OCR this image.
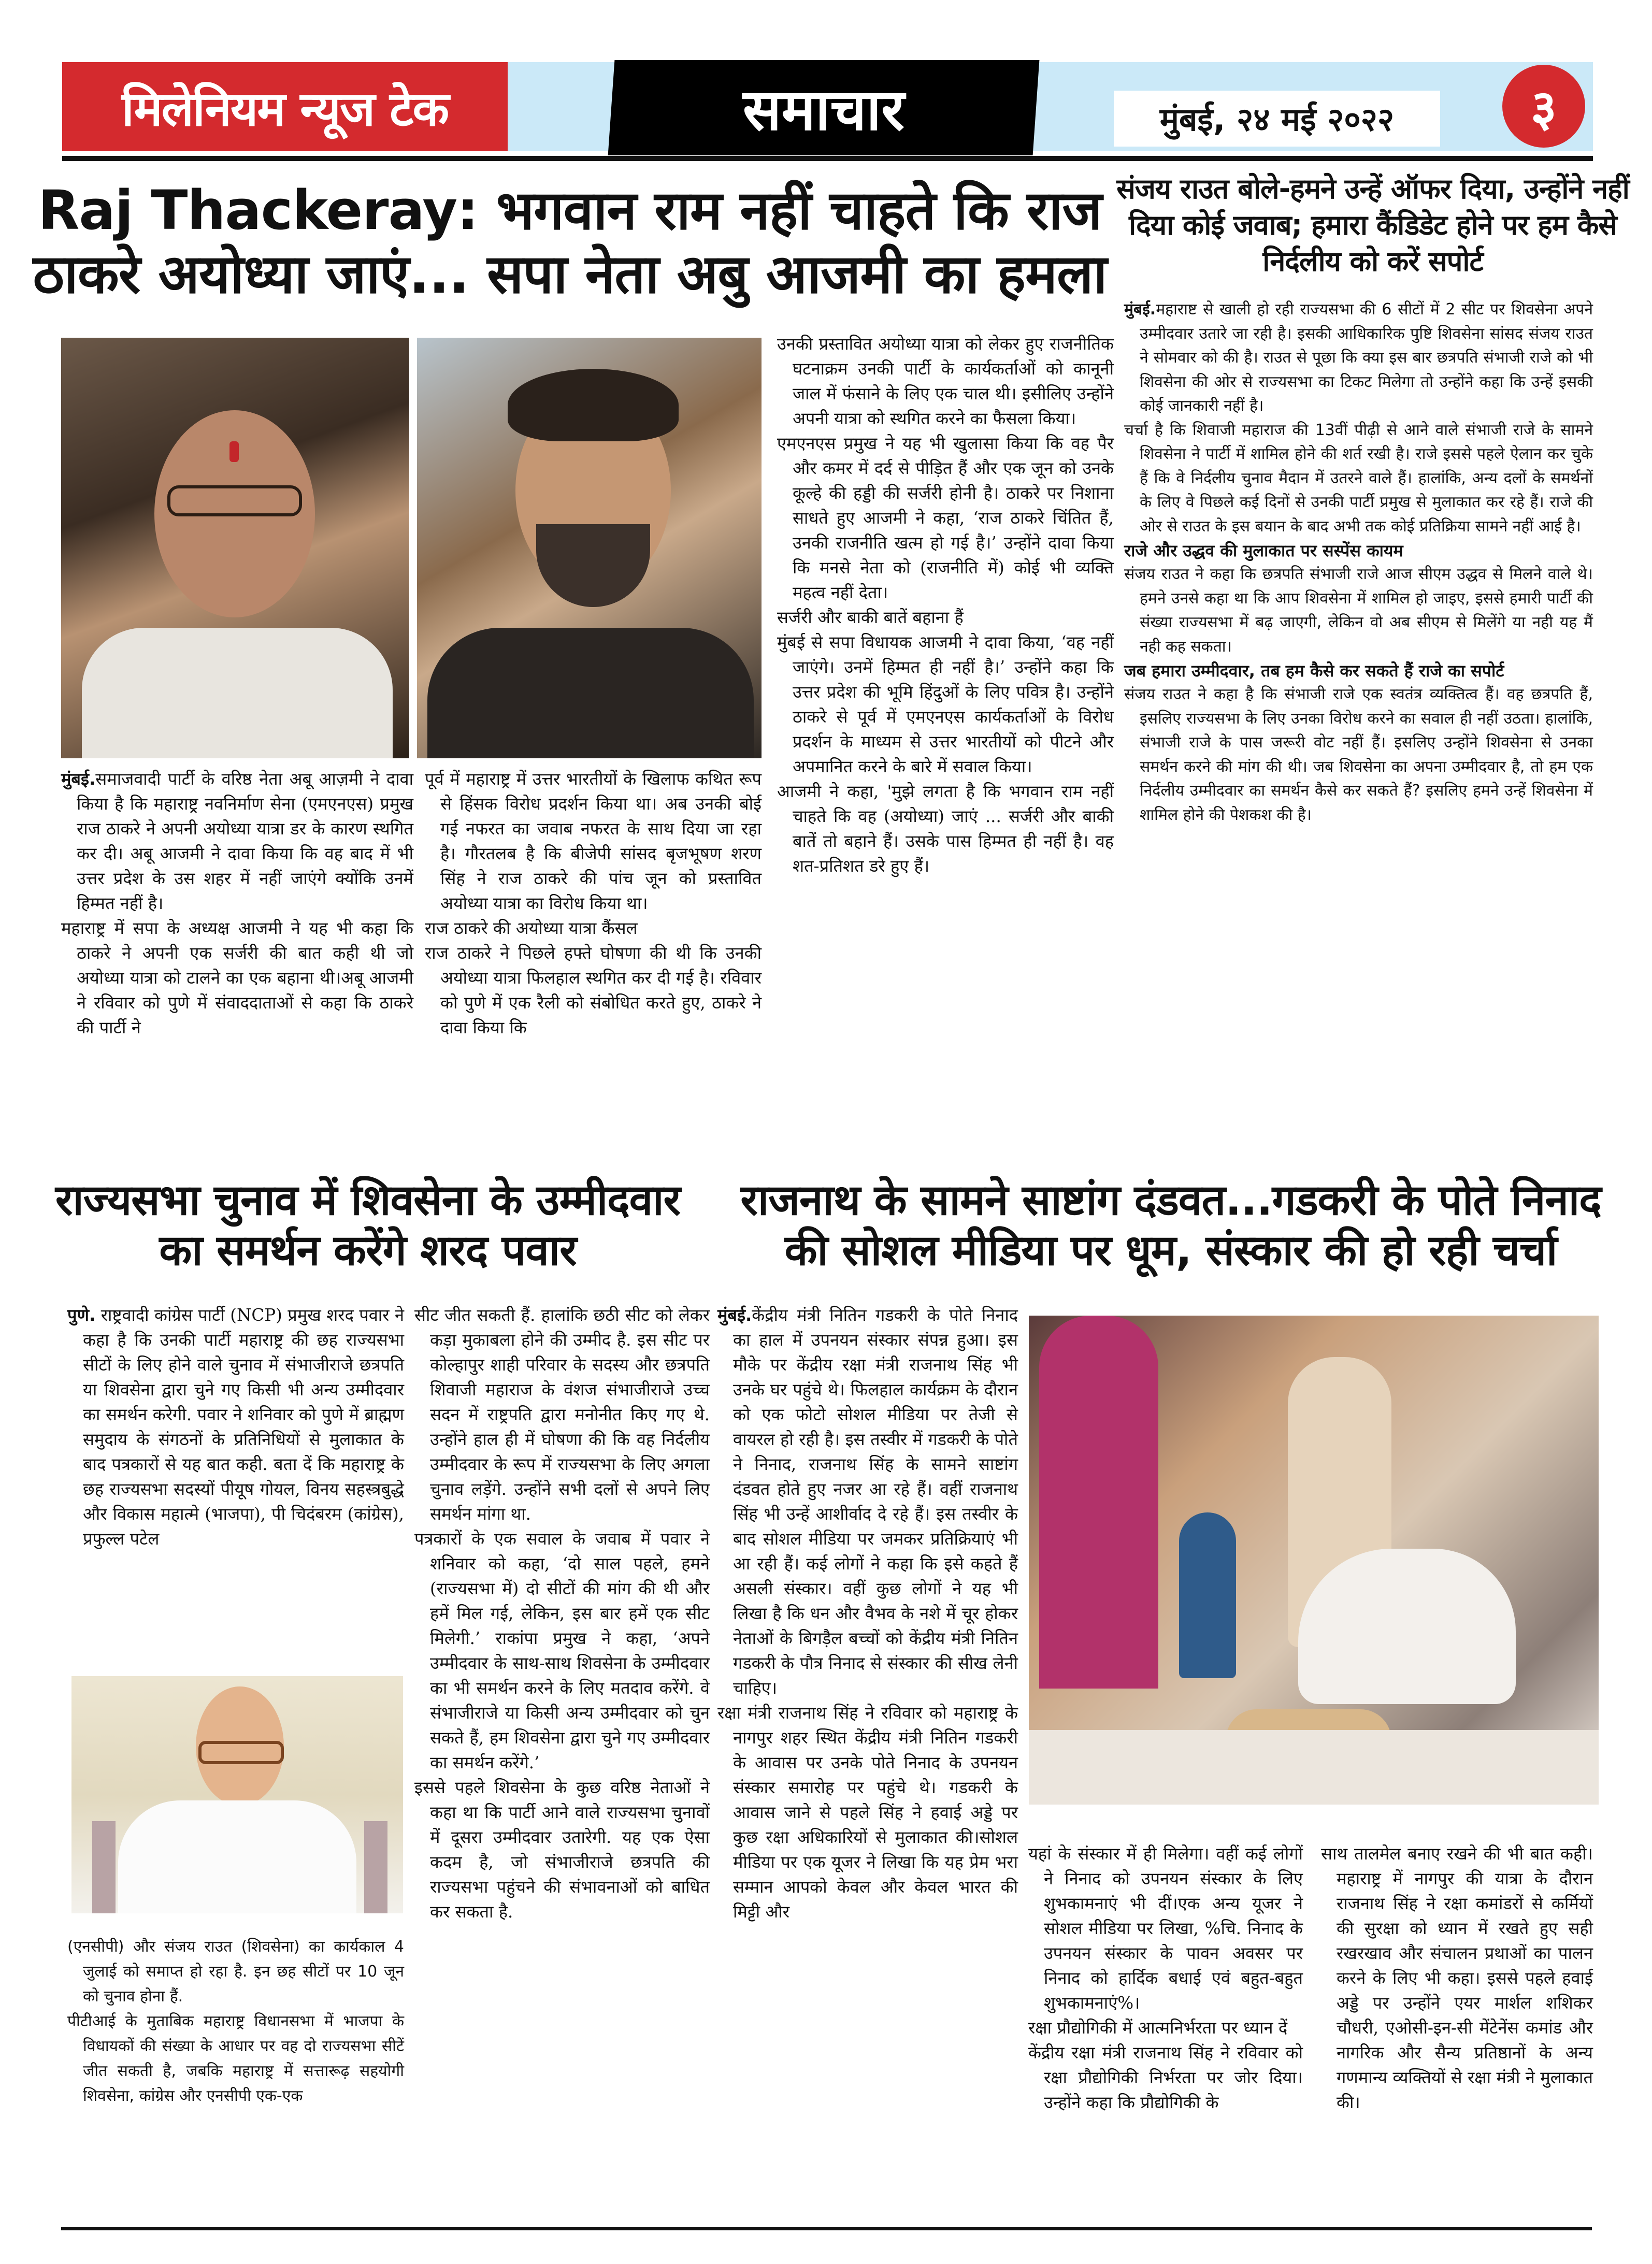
मिलेनियम न्यूज टेक	समाचार	मुंबई, २४ मई २०२२	३
Raj Thackeray: भगवान राम नहीं चाहते कि राज ठाकरे अयोध्या जाएं... सपा नेता अबु आजमी का हमला

मुंबई.समाजवादी पार्टी के वरिष्ठ नेता अबू आज़मी ने दावा किया है कि महाराष्ट्र नवनिर्माण सेना (एमएनएस) प्रमुख राज ठाकरे ने अपनी अयोध्या यात्रा डर के कारण स्थगित कर दी। अबू आजमी ने दावा किया कि वह बाद में भी उत्तर प्रदेश के उस शहर में नहीं जाएंगे क्योंकि उनमें हिम्मत नहीं है।

महाराष्ट्र में सपा के अध्यक्ष आजमी ने यह भी कहा कि ठाकरे ने अपनी एक सर्जरी की बात कही थी जो अयोध्या यात्रा को टालने का एक बहाना थी।अबू आजमी ने रविवार को पुणे में संवाददाताओं से कहा कि ठाकरे की पार्टी ने

पूर्व में महाराष्ट्र में उत्तर भारतीयों के खिलाफ कथित रूप से हिंसक विरोध प्रदर्शन किया था। अब उनकी बोई गई नफरत का जवाब नफरत के साथ दिया जा रहा है। गौरतलब है कि बीजेपी सांसद बृजभूषण शरण सिंह ने राज ठाकरे की पांच जून को प्रस्तावित अयोध्या यात्रा का विरोध किया था।

राज ठाकरे की अयोध्या यात्रा कैंसल

राज ठाकरे ने पिछले हफ्ते घोषणा की थी कि उनकी अयोध्या यात्रा फिलहाल स्थगित कर दी गई है। रविवार को पुणे में एक रैली को संबोधित करते हुए, ठाकरे ने दावा किया कि

उनकी प्रस्तावित अयोध्या यात्रा को लेकर हुए राजनीतिक घटनाक्रम उनकी पार्टी के कार्यकर्ताओं को कानूनी जाल में फंसाने के लिए एक चाल थी। इसीलिए उन्होंने अपनी यात्रा को स्थगित करने का फैसला किया।

एमएनएस प्रमुख ने यह भी खुलासा किया कि वह पैर और कमर में दर्द से पीड़ित हैं और एक जून को उनके कूल्हे की हड्डी की सर्जरी होनी है। ठाकरे पर निशाना साधते हुए आजमी ने कहा, ‘राज ठाकरे चिंतित हैं, उनकी राजनीति खत्म हो गई है।’ उन्होंने दावा किया कि मनसे नेता को (राजनीति में) कोई भी व्यक्ति महत्व नहीं देता।

सर्जरी और बाकी बातें बहाना हैं

मुंबई से सपा विधायक आजमी ने दावा किया, ‘वह नहीं जाएंगे। उनमें हिम्मत ही नहीं है।’ उन्होंने कहा कि उत्तर प्रदेश की भूमि हिंदुओं के लिए पवित्र है। उन्होंने ठाकरे से पूर्व में एमएनएस कार्यकर्ताओं के विरोध प्रदर्शन के माध्यम से उत्तर भारतीयों को पीटने और अपमानित करने के बारे में सवाल किया।

आजमी ने कहा, 'मुझे लगता है कि भगवान राम नहीं चाहते कि वह (अयोध्या) जाएं ... सर्जरी और बाकी बातें तो बहाने हैं। उसके पास हिम्मत ही नहीं है। वह शत-प्रतिशत डरे हुए हैं।

संजय राउत बोले-हमने उन्हें ऑफर दिया, उन्होंने नहीं दिया कोई जवाब; हमारा कैंडिडेट होने पर हम कैसे निर्दलीय को करें सपोर्ट

मुंबई.महाराष्ट से खाली हो रही राज्यसभा की 6 सीटों में 2 सीट पर शिवसेना अपने उम्मीदवार उतारे जा रही है। इसकी आधिकारिक पुष्टि शिवसेना सांसद संजय राउत ने सोमवार को की है। राउत से पूछा कि क्या इस बार छत्रपति संभाजी राजे को भी शिवसेना की ओर से राज्यसभा का टिकट मिलेगा तो उन्होंने कहा कि उन्हें इसकी कोई जानकारी नहीं है।

चर्चा है कि शिवाजी महाराज की 13वीं पीढ़ी से आने वाले संभाजी राजे के सामने शिवसेना ने पार्टी में शामिल होने की शर्त रखी है। राजे इससे पहले ऐलान कर चुके हैं कि वे निर्दलीय चुनाव मैदान में उतरने वाले हैं। हालांकि, अन्य दलों के समर्थनों के लिए वे पिछले कई दिनों से उनकी पार्टी प्रमुख से मुलाकात कर रहे हैं। राजे की ओर से राउत के इस बयान के बाद अभी तक कोई प्रतिक्रिया सामने नहीं आई है।

राजे और उद्धव की मुलाकात पर सस्पेंस कायम

संजय राउत ने कहा कि छत्रपति संभाजी राजे आज सीएम उद्धव से मिलने वाले थे। हमने उनसे कहा था कि आप शिवसेना में शामिल हो जाइए, इससे हमारी पार्टी की संख्या राज्यसभा में बढ़ जाएगी, लेकिन वो अब सीएम से मिलेंगे या नही यह मैं नही कह सकता।

जब हमारा उम्मीदवार, तब हम कैसे कर सकते हैं राजे का सपोर्ट

संजय राउत ने कहा है कि संभाजी राजे एक स्वतंत्र व्यक्तित्व हैं। वह छत्रपति हैं, इसलिए राज्यसभा के लिए उनका विरोध करने का सवाल ही नहीं उठता। हालांकि, संभाजी राजे के पास जरूरी वोट नहीं हैं। इसलिए उन्होंने शिवसेना से उनका समर्थन करने की मांग की थी। जब शिवसेना का अपना उम्मीदवार है, तो हम एक निर्दलीय उम्मीदवार का समर्थन कैसे कर सकते हैं? इसलिए हमने उन्हें शिवसेना में शामिल होने की पेशकश की है।

राज्यसभा चुनाव में शिवसेना के उम्मीदवार का समर्थन करेंगे शरद पवार

पुणे. राष्ट्रवादी कांग्रेस पार्टी (NCP) प्रमुख शरद पवार ने कहा है कि उनकी पार्टी महाराष्ट्र की छह राज्यसभा सीटों के लिए होने वाले चुनाव में संभाजीराजे छत्रपति या शिवसेना द्वारा चुने गए किसी भी अन्य उम्मीदवार का समर्थन करेगी. पवार ने शनिवार को पुणे में ब्राह्मण समुदाय के संगठनों के प्रतिनिधियों से मुलाकात के बाद पत्रकारों से यह बात कही. बता दें कि महाराष्ट्र के छह राज्यसभा सदस्यों पीयूष गोयल, विनय सहस्त्रबुद्धे और विकास महात्मे (भाजपा), पी चिदंबरम (कांग्रेस), प्रफुल्ल पटेल

(एनसीपी) और संजय राउत (शिवसेना) का कार्यकाल 4 जुलाई को समाप्त हो रहा है. इन छह सीटों पर 10 जून को चुनाव होना हैं.

पीटीआई के मुताबिक महाराष्ट्र विधानसभा में भाजपा के विधायकों की संख्या के आधार पर वह दो राज्यसभा सीटें जीत सकती है, जबकि महाराष्ट्र में सत्तारूढ़ सहयोगी शिवसेना, कांग्रेस और एनसीपी एक-एक

सीट जीत सकती हैं. हालांकि छठी सीट को लेकर कड़ा मुकाबला होने की उम्मीद है. इस सीट पर कोल्हापुर शाही परिवार के सदस्य और छत्रपति शिवाजी महाराज के वंशज संभाजीराजे उच्च सदन में राष्ट्रपति द्वारा मनोनीत किए गए थे. उन्होंने हाल ही में घोषणा की कि वह निर्दलीय उम्मीदवार के रूप में राज्यसभा के लिए अगला चुनाव लड़ेंगे. उन्होंने सभी दलों से अपने लिए समर्थन मांगा था.

पत्रकारों के एक सवाल के जवाब में पवार ने शनिवार को कहा, ‘दो साल पहले, हमने (राज्यसभा में) दो सीटों की मांग की थी और हमें मिल गई, लेकिन, इस बार हमें एक सीट मिलेगी.’ राकांपा प्रमुख ने कहा, ‘अपने उम्मीदवार के साथ-साथ शिवसेना के उम्मीदवार का भी समर्थन करने के लिए मतदाव करेंगे. वे संभाजीराजे या किसी अन्य उम्मीदवार को चुन सकते हैं, हम शिवसेना द्वारा चुने गए उम्मीदवार का समर्थन करेंगे.’

इससे पहले शिवसेना के कुछ वरिष्ठ नेताओं ने कहा था कि पार्टी आने वाले राज्यसभा चुनावों में दूसरा उम्मीदवार उतारेगी. यह एक ऐसा कदम है, जो संभाजीराजे छत्रपति की राज्यसभा पहुंचने की संभावनाओं को बाधित कर सकता है.

राजनाथ के सामने साष्टांग दंडवत...गडकरी के पोते निनाद की सोशल मीडिया पर धूम, संस्कार की हो रही चर्चा

मुंबई.केंद्रीय मंत्री नितिन गडकरी के पोते निनाद का हाल में उपनयन संस्कार संपन्न हुआ। इस मौके पर केंद्रीय रक्षा मंत्री राजनाथ सिंह भी उनके घर पहुंचे थे। फिलहाल कार्यक्रम के दौरान को एक फोटो सोशल मीडिया पर तेजी से वायरल हो रही है। इस तस्वीर में गडकरी के पोते ने निनाद, राजनाथ सिंह के सामने साष्टांग दंडवत होते हुए नजर आ रहे हैं। वहीं राजनाथ सिंह भी उन्हें आशीर्वाद दे रहे हैं। इस तस्वीर के बाद सोशल मीडिया पर जमकर प्रतिक्रियाएं भी आ रही हैं। कई लोगों ने कहा कि इसे कहते हैं असली संस्कार। वहीं कुछ लोगों ने यह भी लिखा है कि धन और वैभव के नशे में चूर होकर नेताओं के बिगड़ैल बच्चों को केंद्रीय मंत्री नितिन गडकरी के पौत्र निनाद से संस्कार की सीख लेनी चाहिए।

रक्षा मंत्री राजनाथ सिंह ने रविवार को महाराष्ट्र के नागपुर शहर स्थित केंद्रीय मंत्री नितिन गडकरी के आवास पर उनके पोते निनाद के उपनयन संस्कार समारोह पर पहुंचे थे। गडकरी के आवास जाने से पहले सिंह ने हवाई अड्डे पर कुछ रक्षा अधिकारियों से मुलाकात की।सोशल मीडिया पर एक यूजर ने लिखा कि यह प्रेम भरा सम्मान आपको केवल और केवल भारत की मिट्टी और

यहां के संस्कार में ही मिलेगा। वहीं कई लोगों ने निनाद को उपनयन संस्कार के लिए शुभकामनाएं भी दीं।एक अन्य यूजर ने सोशल मीडिया पर लिखा, %चि. निनाद के उपनयन संस्कार के पावन अवसर पर निनाद को हार्दिक बधाई एवं बहुत-बहुत शुभकामनाएं%।

रक्षा प्रौद्योगिकी में आत्मनिर्भरता पर ध्यान दें

केंद्रीय रक्षा मंत्री राजनाथ सिंह ने रविवार को रक्षा प्रौद्योगिकी निर्भरता पर जोर दिया। उन्होंने कहा कि प्रौद्योगिकी के

साथ तालमेल बनाए रखने की भी बात कही। महाराष्ट्र में नागपुर की यात्रा के दौरान राजनाथ सिंह ने रक्षा कमांडरों से कर्मियों की सुरक्षा को ध्यान में रखते हुए सही रखरखाव और संचालन प्रथाओं का पालन करने के लिए भी कहा। इससे पहले हवाई अड्डे पर उन्होंने एयर मार्शल शशिकर चौधरी, एओसी-इन-सी मेंटेनेंस कमांड और नागरिक और सैन्य प्रतिष्ठानों के अन्य गणमान्य व्यक्तियों से रक्षा मंत्री ने मुलाकात की।
